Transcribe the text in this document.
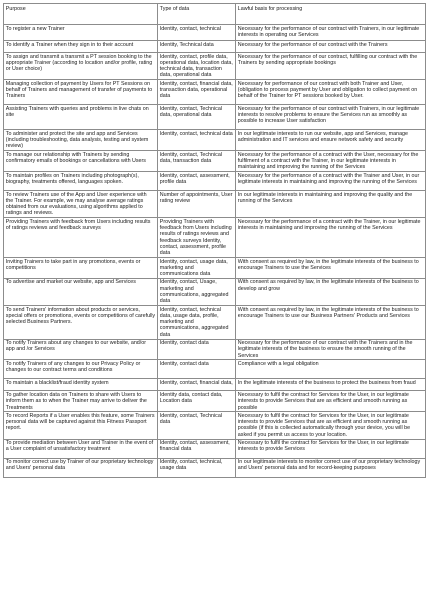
Purpose	Type of data	Lawful basis for processing
To register a new Trainer	Identity, contact, technical	Necessary for the performance of our contract with Trainers, in our legitimate interests in operating our Services
To identify a Trainer when they sign in to their account	Identity, Technical data	Necessary for the performance of our contract with the Trainers
To assign and transmit a transmit a PT session booking to the appropriate Trainer (according to location and/or profile, rating or User choice)	Identity, contact, profile data, operational data, location data, technical data, transaction data, operational data	Necessary for the performance of our contract, fulfilling our contract with the Trainers by sending appropriate bookings
Managing collection of payment by Users for PT Sessions on behalf of Trainers and management of transfer of payments to Trainers	Identity, contact, financial data, transaction data, operational data	Necessary for performance of our contract with both Trainer and User, (obligation to process payment by User and obligation to collect payment on behalf of the Trainer for PT sessions booked by User.
Assisting Trainers with queries and problems in live chats on site	Identity, contact, Technical data, operational data	Necessary for the performance of our contract with Trainers, in our legitimate interests to resolve problems to ensure the Services run as smoothly as possible to increase User satisfaction
To administer and protect the site and app and Services (including troubleshooting, data analysis, testing and system review)	Identity, contact, technical data	In our legitimate interests to run our website, app and Services, manage administration and IT services and ensure network safety and security
To manage our relationship with Trainers by sending confirmatory emails of bookings or cancellations with Users	Identity, contact, Technical data, transaction data	Necessary for the performance of a contract with the User, necessary for the fulfilment of a contract with the Trainer, in our legitimate interests in maintaining and improving the running of the Services
To maintain profiles on Trainers including photograph(s), biography, treatments offered, languages spoken.	Identity, contact, assessment, profile data	Necessary for the performance of a contract with the Trainer and User, in our legitimate interests in maintaining and improving the running of the Services
To review Trainers use of the App and User experience with the Trainer. For example, we may analyse average ratings obtained from our evaluations, using algorithms applied to ratings and reviews.	Number of appointments, User rating review	In our legitimate interests in maintaining and improving the quality and the running of the Services
Providing Trainers with feedback from Users including results of ratings reviews and feedback surveys	Providing Trainers with feedback from Users including results of ratings reviews and feedback surveys Identity, contact, assessment, profile data	Necessary for the performance of a contract with the Trainer, in our legitimate interests in maintaining and improving the running of the Services
Inviting Trainers to take part in any promotions, events or competitions	Identity, contact, usage data, marketing and communications data	With consent as required by law, in the legitimate interests of the business to encourage Trainers to use the Services
To advertise and market our website, app and Services	Identity, contact, Usage, marketing and communications, aggregated data	With consent as required by law, in the legitimate interests of the business to develop and grow
To send Trainers' information about products or services, special offers or promotions, events or competitions of carefully selected Business Partners.	Identity, contact, technical data, usage data, profile, marketing and communications, aggregated data	With consent as required by law, in the legitimate interests of the business to encourage Trainers to use our Business Partners' Products and Services
To notify Trainers about any changes to our website, and/or app and /or Services	Identity, contact data	Necessary for the performance of our contract with the Trainers and in the legitimate interests of the business to ensure the smooth running of the Services
To notify Trainers of any changes to our Privacy Policy or changes to our contract terms and conditions	Identity, contact data	Compliance with a legal obligation
To maintain a blacklist/fraud identity system	Identity, contact, financial data,	In the legitimate interests of the business to protect the business from fraud
To gather location data on Trainers to share with Users to inform them as to when the Trainer may arrive to deliver the Treatments	Identity data, contact data, Location data	Necessary to fulfil the contract for Services for the User, in our legitimate interests to provide Services that are as efficient and smooth running as possible
To record Reports if a User enables this feature, some Trainers personal data will be captured against this Fitness Passport report.	Identity, contact, Technical data	Necessary to fulfil the contract for Services for the User, in our legitimate interests to provide Services that are as efficient and smooth running as possible (if this is collected automatically through your device, you will be asked if you permit us access to your location.
To provide mediation between User and Trainer in the event of a User complaint of unsatisfactory treatment	Identity, contact, assessment, financial data	Necessary to fulfil the contract for Services for the User, in our legitimate interests to provide Services
To monitor correct use by Trainer of our proprietary technology and Users' personal data	Identity, contact, technical, usage data	In our legitimate interests to monitor correct use of our proprietary technology and Users' personal data and for record-keeping purposes
